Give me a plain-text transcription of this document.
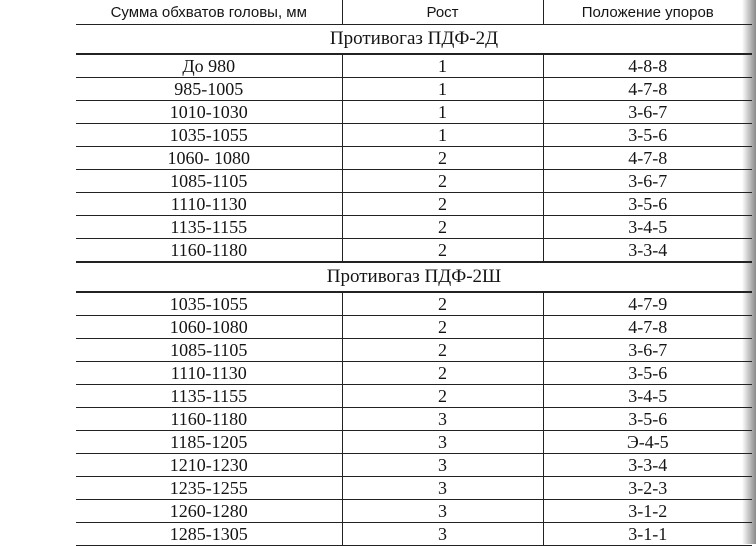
Сумма обхватов головы, мм	Рост	Положение упоров
Противогаз ПДФ-2Д		
До 980	1	4-8-8
985-1005	1	4-7-8
1010-1030	1	3-6-7
1035-1055	1	3-5-6
1060- 1080	2	4-7-8
1085-1105	2	3-6-7
1110-1130	2	3-5-6
1135-1155	2	3-4-5
1160-1180	2	3-3-4
Противогаз ПДФ-2Ш		
1035-1055	2	4-7-9
1060-1080	2	4-7-8
1085-1105	2	3-6-7
1110-1130	2	3-5-6
1135-1155	2	3-4-5
1160-1180	3	3-5-6
1185-1205	3	Э-4-5
1210-1230	3	3-3-4
1235-1255	3	3-2-3
1260-1280	3	3-1-2
1285-1305	3	3-1-1
